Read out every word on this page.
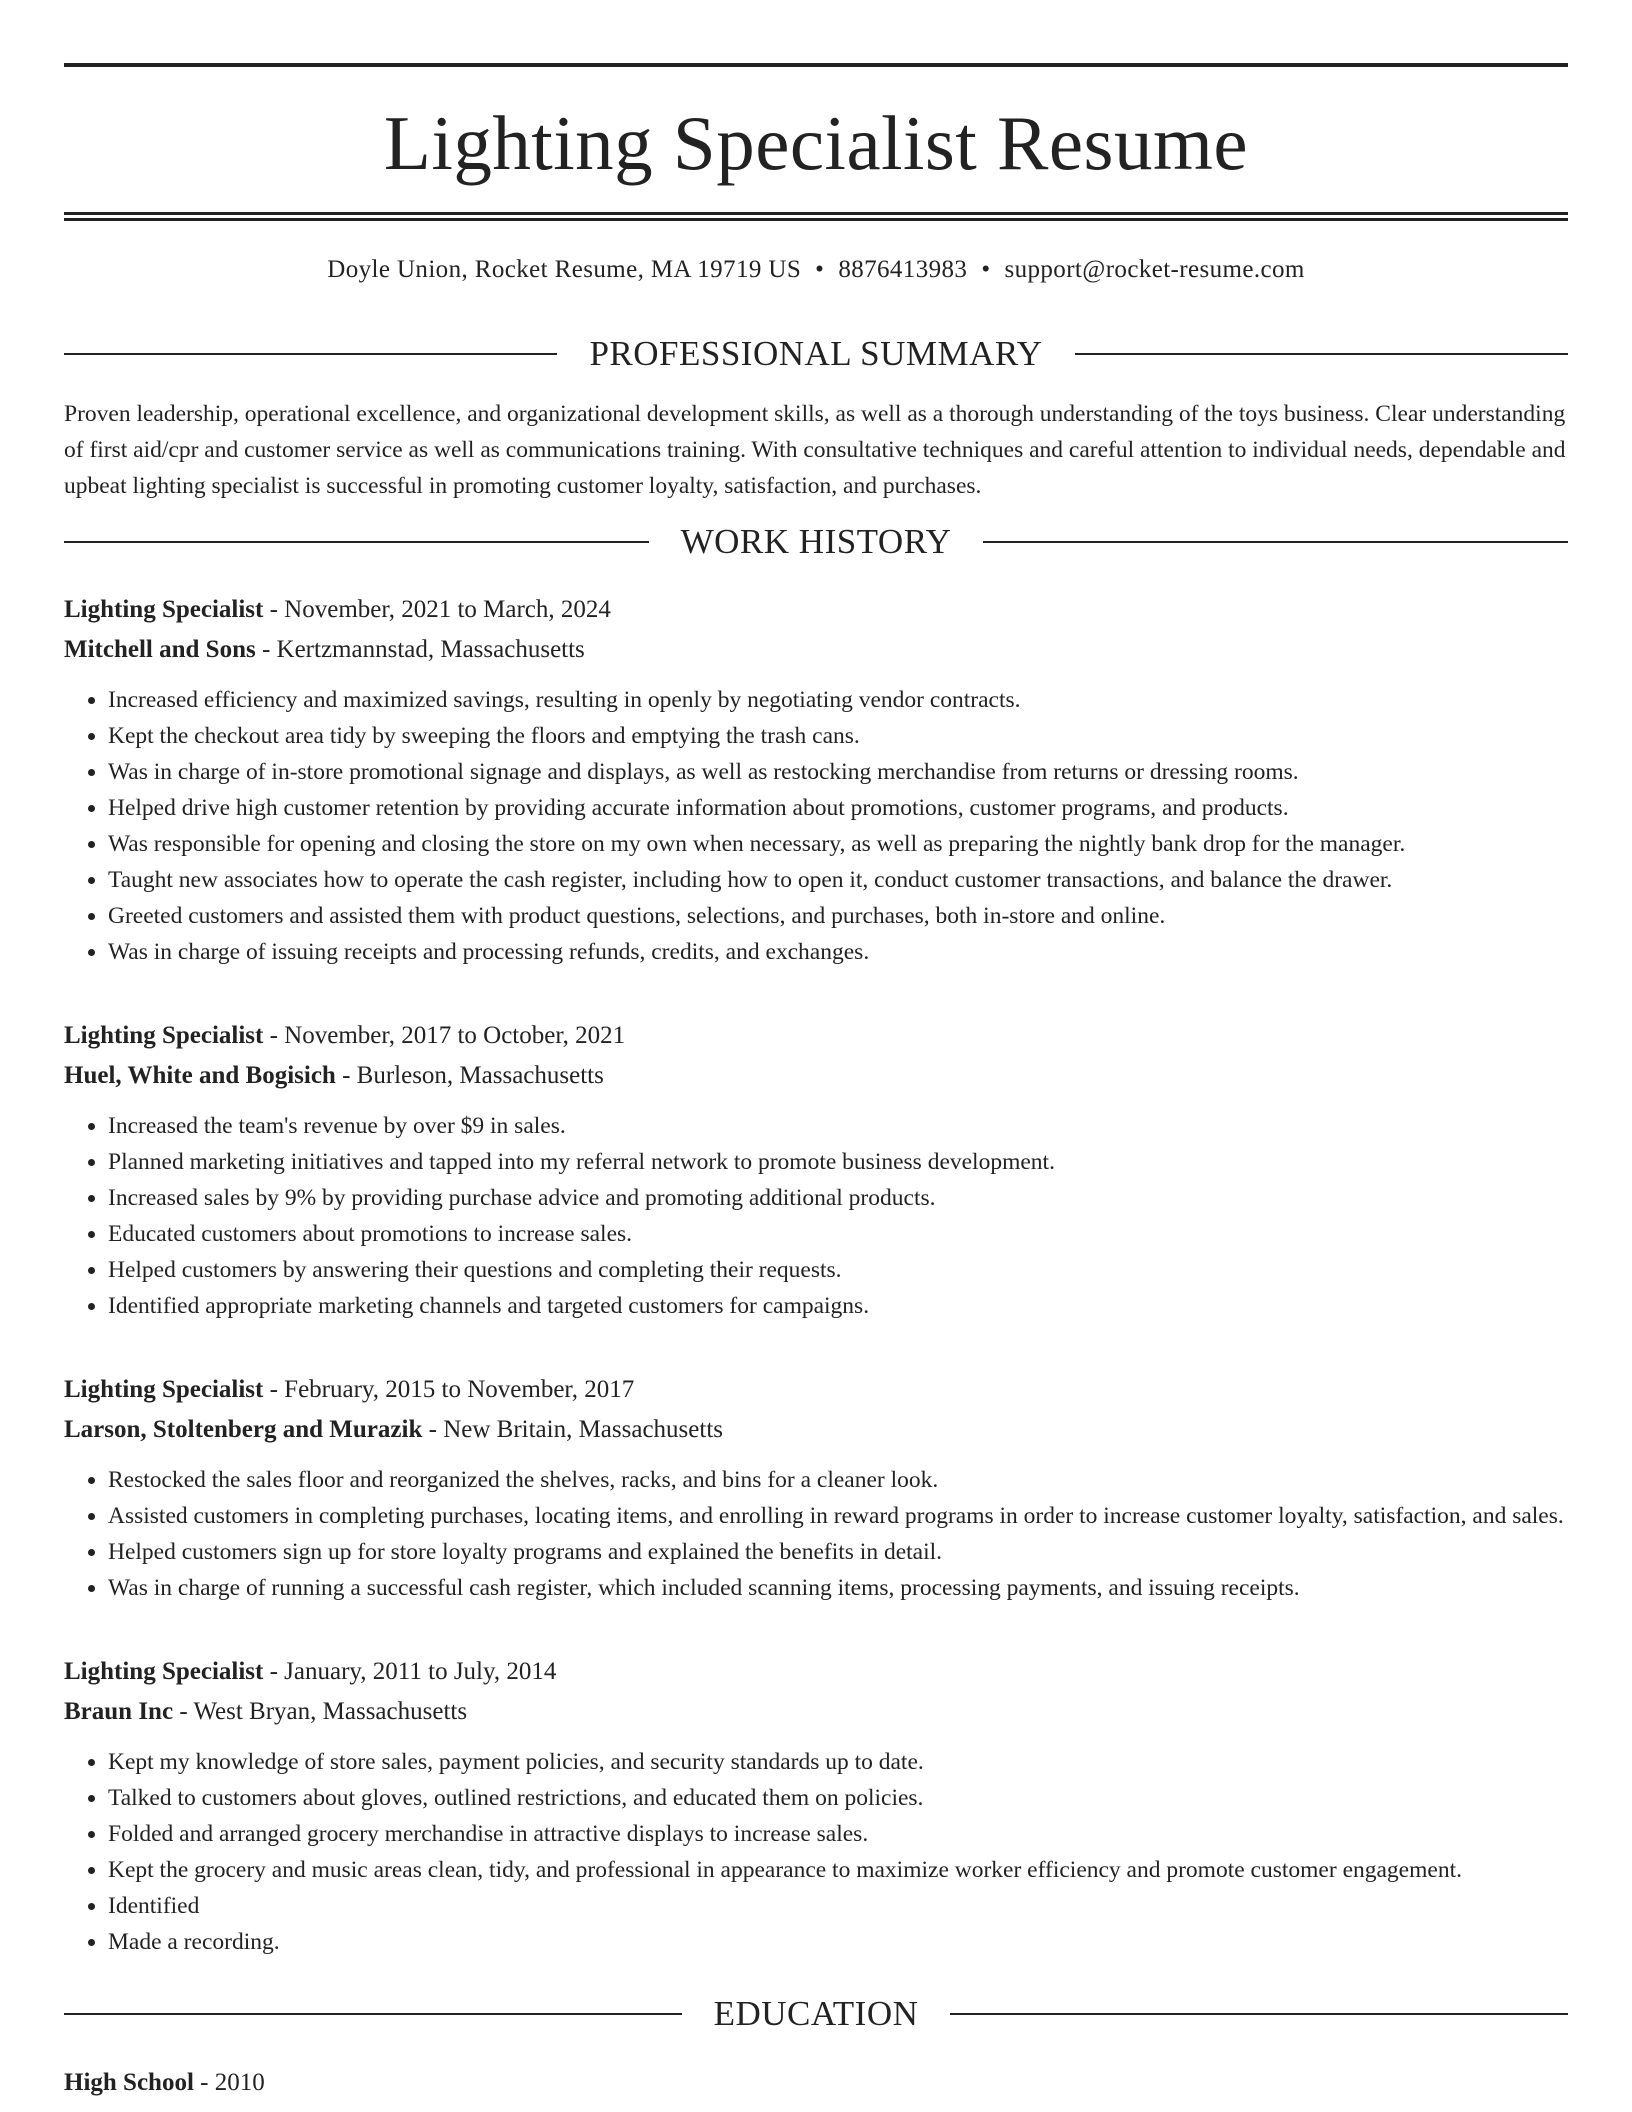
Lighting Specialist Resume
Doyle Union, Rocket Resume, MA 19719 US • 8876413983 • support@rocket-resume.com
PROFESSIONAL SUMMARY
Proven leadership, operational excellence, and organizational development skills, as well as a thorough understanding of the toys business. Clear understanding of first aid/cpr and customer service as well as communications training. With consultative techniques and careful attention to individual needs, dependable and upbeat lighting specialist is successful in promoting customer loyalty, satisfaction, and purchases.
WORK HISTORY
Lighting Specialist - November, 2021 to March, 2024
Mitchell and Sons - Kertzmannstad, Massachusetts
• Increased efficiency and maximized savings, resulting in openly by negotiating vendor contracts.
• Kept the checkout area tidy by sweeping the floors and emptying the trash cans.
• Was in charge of in-store promotional signage and displays, as well as restocking merchandise from returns or dressing rooms.
• Helped drive high customer retention by providing accurate information about promotions, customer programs, and products.
• Was responsible for opening and closing the store on my own when necessary, as well as preparing the nightly bank drop for the manager.
• Taught new associates how to operate the cash register, including how to open it, conduct customer transactions, and balance the drawer.
• Greeted customers and assisted them with product questions, selections, and purchases, both in-store and online.
• Was in charge of issuing receipts and processing refunds, credits, and exchanges.
Lighting Specialist - November, 2017 to October, 2021
Huel, White and Bogisich - Burleson, Massachusetts
• Increased the team's revenue by over $9 in sales.
• Planned marketing initiatives and tapped into my referral network to promote business development.
• Increased sales by 9% by providing purchase advice and promoting additional products.
• Educated customers about promotions to increase sales.
• Helped customers by answering their questions and completing their requests.
• Identified appropriate marketing channels and targeted customers for campaigns.
Lighting Specialist - February, 2015 to November, 2017
Larson, Stoltenberg and Murazik - New Britain, Massachusetts
• Restocked the sales floor and reorganized the shelves, racks, and bins for a cleaner look.
• Assisted customers in completing purchases, locating items, and enrolling in reward programs in order to increase customer loyalty, satisfaction, and sales.
• Helped customers sign up for store loyalty programs and explained the benefits in detail.
• Was in charge of running a successful cash register, which included scanning items, processing payments, and issuing receipts.
Lighting Specialist - January, 2011 to July, 2014
Braun Inc - West Bryan, Massachusetts
• Kept my knowledge of store sales, payment policies, and security standards up to date.
• Talked to customers about gloves, outlined restrictions, and educated them on policies.
• Folded and arranged grocery merchandise in attractive displays to increase sales.
• Kept the grocery and music areas clean, tidy, and professional in appearance to maximize worker efficiency and promote customer engagement.
• Identified
• Made a recording.
EDUCATION
High School - 2010
